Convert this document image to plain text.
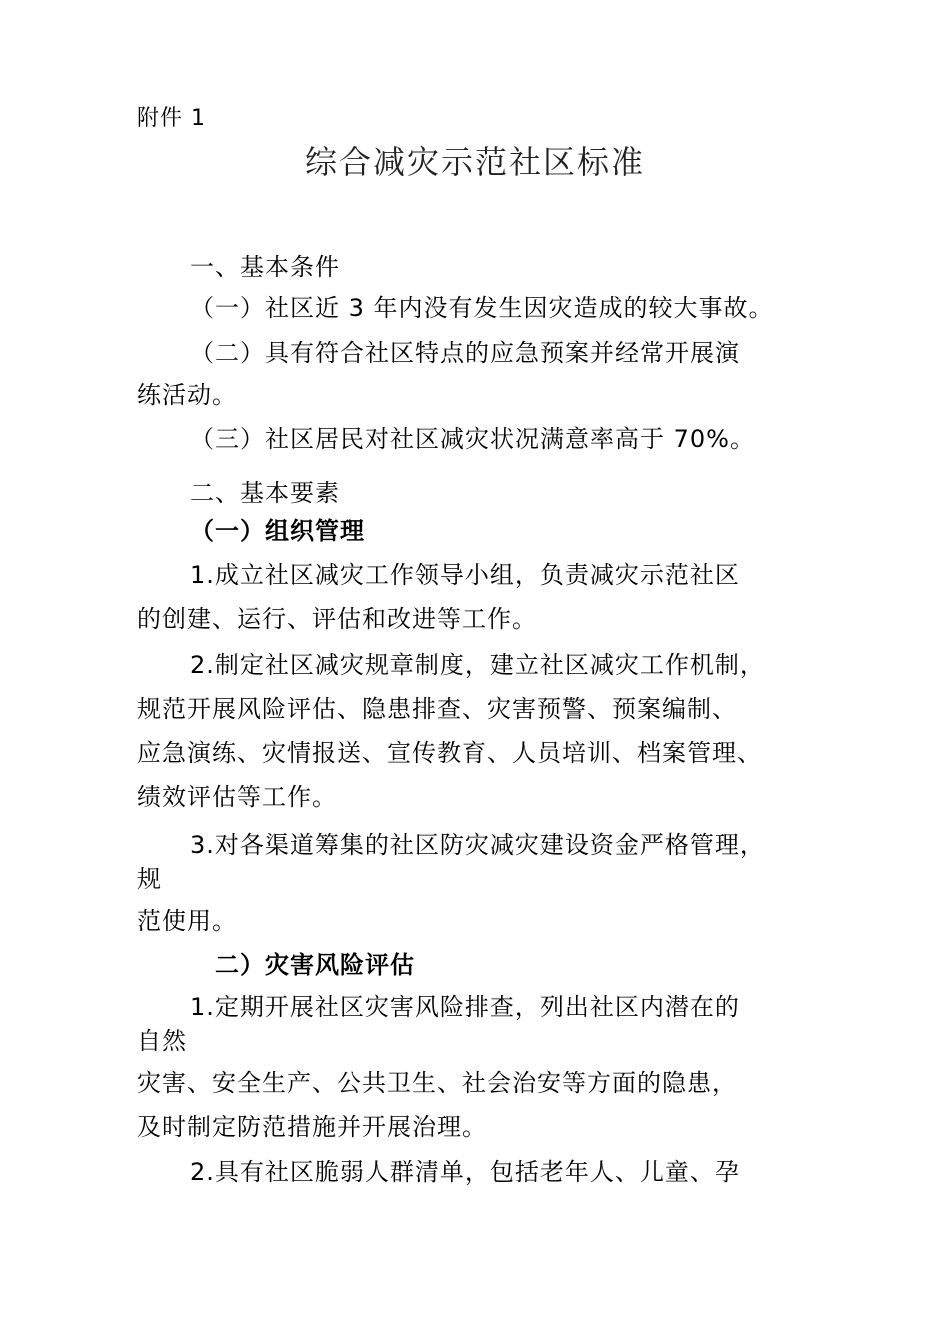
附件 1
综合减灾示范社区标准
一、基本条件
（一）社区近 3 年内没有发生因灾造成的较大事故。
（二）具有符合社区特点的应急预案并经常开展演
练活动。
（三）社区居民对社区减灾状况满意率高于 70%。
二、基本要素
（一）组织管理
1.成立社区减灾工作领导小组，负责减灾示范社区
的创建、运行、评估和改进等工作。
2.制定社区减灾规章制度，建立社区减灾工作机制，
规范开展风险评估、隐患排查、灾害预警、预案编制、
应急演练、灾情报送、宣传教育、人员培训、档案管理、
绩效评估等工作。
3.对各渠道筹集的社区防灾减灾建设资金严格管理，
规
范使用。
二）灾害风险评估
1.定期开展社区灾害风险排查，列出社区内潜在的
自然
灾害、安全生产、公共卫生、社会治安等方面的隐患，
及时制定防范措施并开展治理。
2.具有社区脆弱人群清单，包括老年人、儿童、孕
